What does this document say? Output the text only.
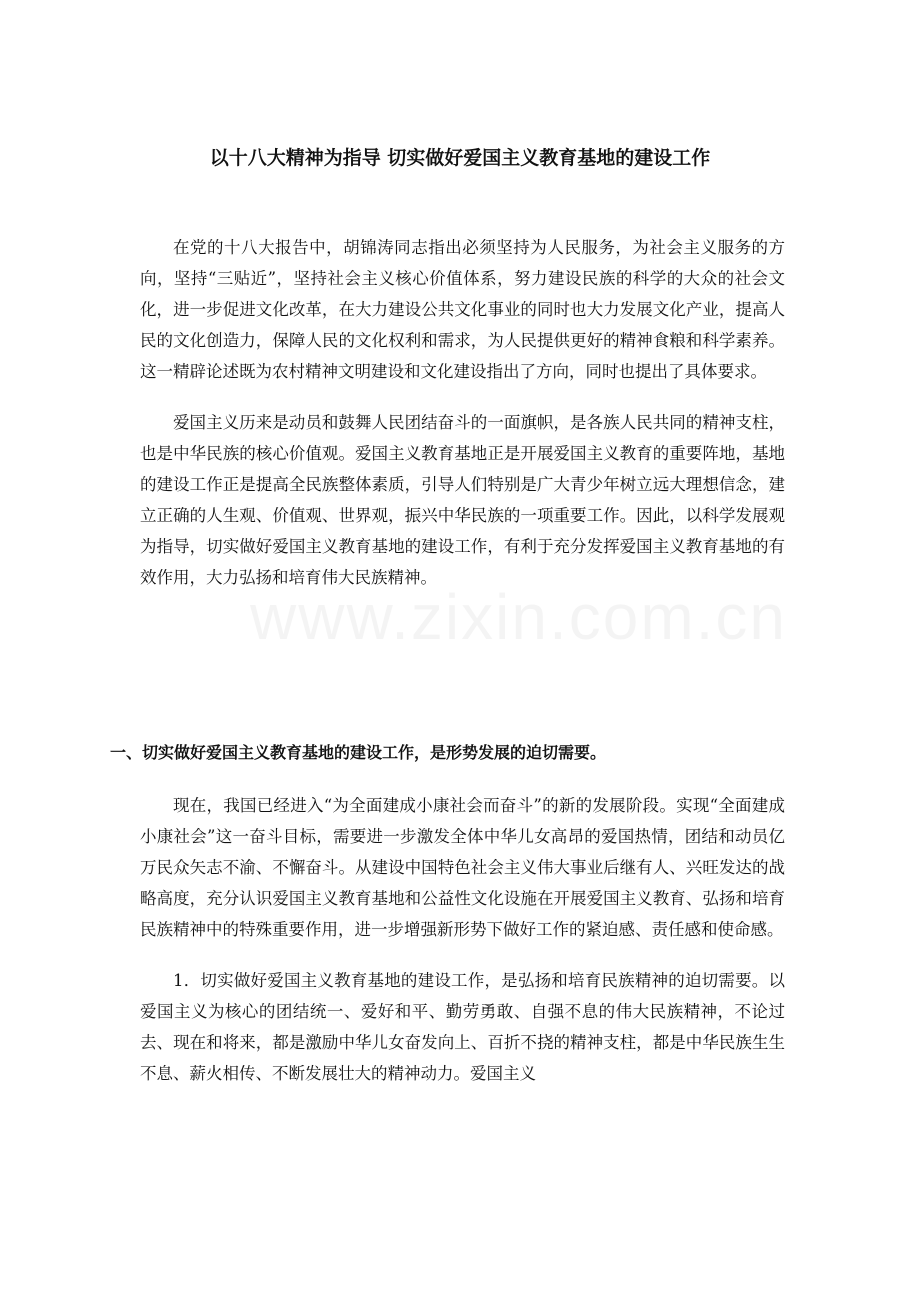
以十八大精神为指导 切实做好爱国主义教育基地的建设工作

在党的十八大报告中，胡锦涛同志指出必须坚持为人民服务，为社会主义服务的方向，坚持“三贴近”，坚持社会主义核心价值体系，努力建设民族的科学的大众的社会文化，进一步促进文化改革，在大力建设公共文化事业的同时也大力发展文化产业，提高人民的文化创造力，保障人民的文化权利和需求，为人民提供更好的精神食粮和科学素养。这一精辟论述既为农村精神文明建设和文化建设指出了方向，同时也提出了具体要求。

爱国主义历来是动员和鼓舞人民团结奋斗的一面旗帜，是各族人民共同的精神支柱，也是中华民族的核心价值观。爱国主义教育基地正是开展爱国主义教育的重要阵地，基地的建设工作正是提高全民族整体素质，引导人们特别是广大青少年树立远大理想信念，建立正确的人生观、价值观、世界观，振兴中华民族的一项重要工作。因此，以科学发展观为指导，切实做好爱国主义教育基地的建设工作，有利于充分发挥爱国主义教育基地的有效作用，大力弘扬和培育伟大民族精神。

一、切实做好爱国主义教育基地的建设工作，是形势发展的迫切需要。

现在，我国已经进入“为全面建成小康社会而奋斗”的新的发展阶段。实现“全面建成小康社会”这一奋斗目标，需要进一步激发全体中华儿女高昂的爱国热情，团结和动员亿万民众矢志不渝、不懈奋斗。从建设中国特色社会主义伟大事业后继有人、兴旺发达的战略高度，充分认识爱国主义教育基地和公益性文化设施在开展爱国主义教育、弘扬和培育民族精神中的特殊重要作用，进一步增强新形势下做好工作的紧迫感、责任感和使命感。

1．切实做好爱国主义教育基地的建设工作，是弘扬和培育民族精神的迫切需要。以爱国主义为核心的团结统一、爱好和平、勤劳勇敢、自强不息的伟大民族精神，不论过去、现在和将来，都是激励中华儿女奋发向上、百折不挠的精神支柱，都是中华民族生生不息、薪火相传、不断发展壮大的精神动力。爱国主义
